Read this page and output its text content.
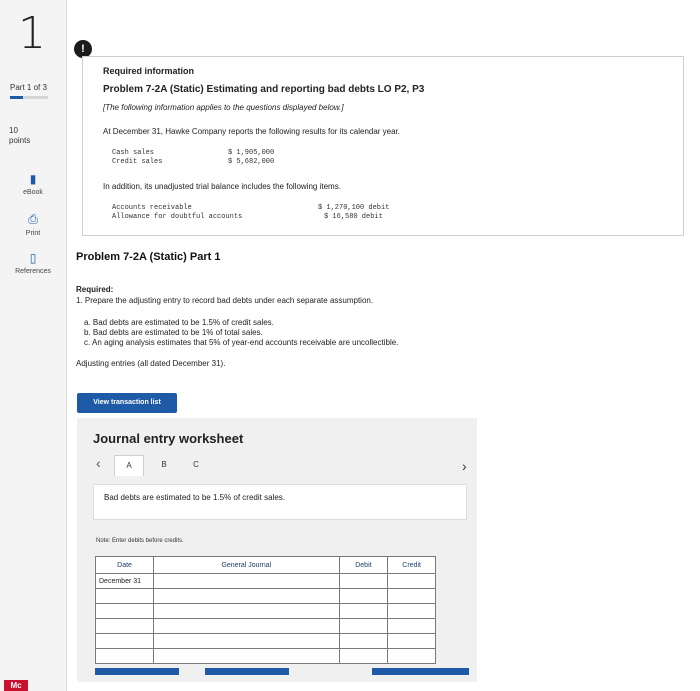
1
Part 1 of 3
10
points
▮
eBook
⎙
Print
▯
References
Mc
!
Required information
Problem 7-2A (Static) Estimating and reporting bad debts LO P2, P3
[The following information applies to the questions displayed below.]
At December 31, Hawke Company reports the following results for its calendar year.
Cash sales	$ 1,905,000
Credit sales	$ 5,682,000
In addition, its unadjusted trial balance includes the following items.
Accounts receivable	$ 1,270,100 debit
Allowance for doubtful accounts	$ 16,580 debit
Problem 7-2A (Static) Part 1
Required:
1. Prepare the adjusting entry to record bad debts under each separate assumption.
a. Bad debts are estimated to be 1.5% of credit sales.
b. Bad debts are estimated to be 1% of total sales.
c. An aging analysis estimates that 5% of year-end accounts receivable are uncollectible.
Adjusting entries (all dated December 31).
View transaction list
Journal entry worksheet
‹	A	B	C	›
Bad debts are estimated to be 1.5% of credit sales.
Note: Enter debits before credits.
Date	General Journal	Debit	Credit
December 31			
